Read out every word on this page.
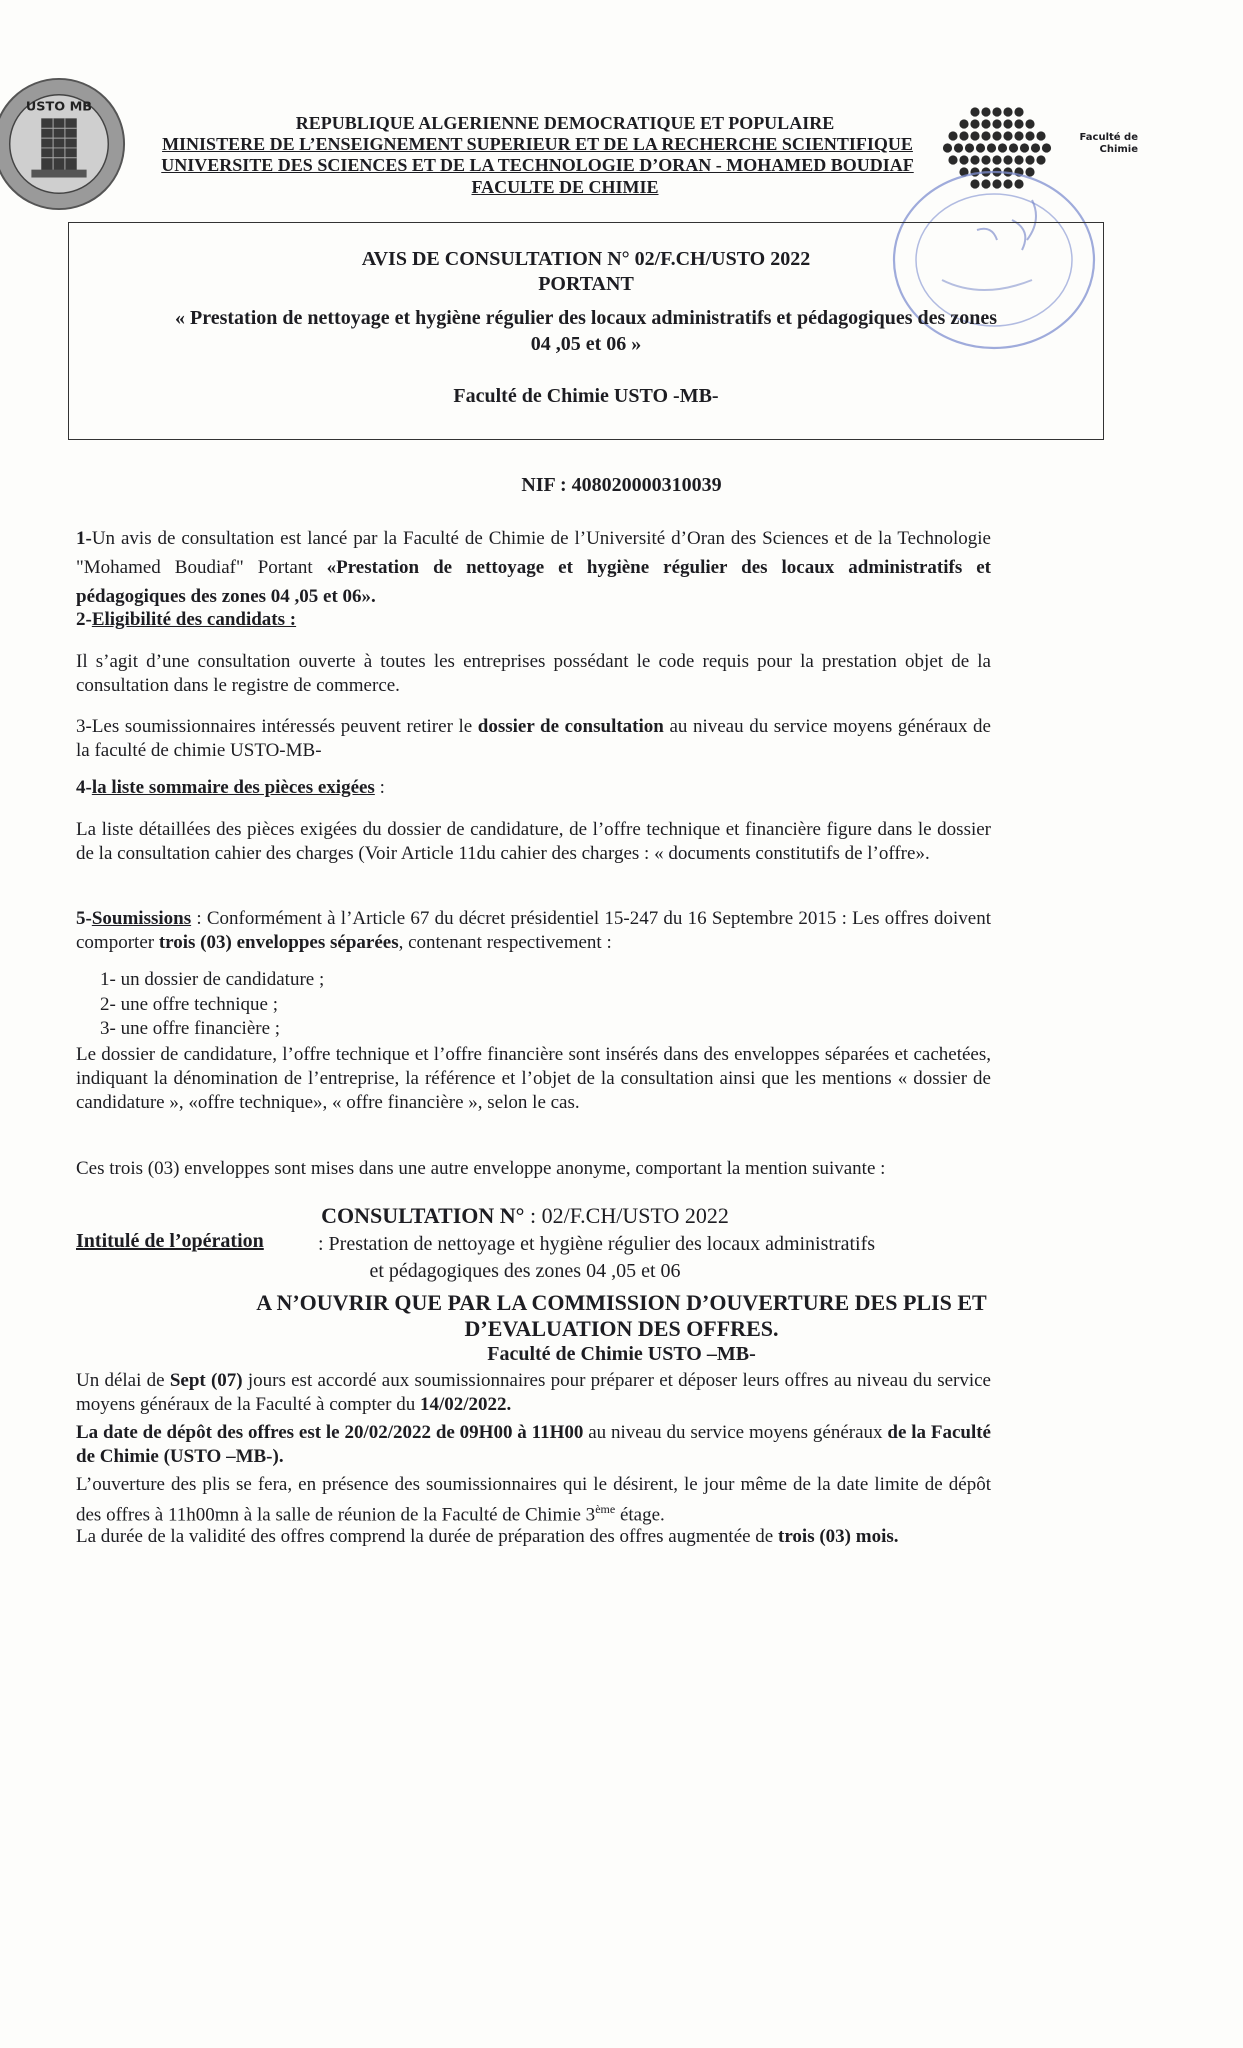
USTO MB
Faculté de Chimie
REPUBLIQUE ALGERIENNE DEMOCRATIQUE ET POPULAIRE
MINISTERE DE L’ENSEIGNEMENT SUPERIEUR ET DE LA RECHERCHE SCIENTIFIQUE
UNIVERSITE DES SCIENCES ET DE LA TECHNOLOGIE D’ORAN - MOHAMED BOUDIAF
FACULTE DE CHIMIE
AVIS DE CONSULTATION N° 02/F.CH/USTO 2022
PORTANT
« Prestation de nettoyage et hygiène régulier des locaux administratifs et pédagogiques des zones
04 ,05 et 06 »
Faculté de Chimie USTO -MB-
NIF : 408020000310039

1-Un avis de consultation est lancé par la Faculté de Chimie de l’Université d’Oran des Sciences et de la Technologie "Mohamed Boudiaf" Portant «Prestation de nettoyage et hygiène régulier des locaux administratifs et pédagogiques des zones 04 ,05 et 06».

2-Eligibilité des candidats :

Il s’agit d’une consultation ouverte à toutes les entreprises possédant le code requis pour la prestation objet de la consultation dans le registre de commerce.

3-Les soumissionnaires intéressés peuvent retirer le dossier de consultation au niveau du service moyens généraux de la faculté de chimie USTO-MB-

4-la liste sommaire des pièces exigées :

La liste détaillées des pièces exigées du dossier de candidature, de l’offre technique et financière figure dans le dossier de la consultation cahier des charges (Voir Article 11du cahier des charges : « documents constitutifs de l’offre».

5-Soumissions : Conformément à l’Article 67 du décret présidentiel 15-247 du 16 Septembre 2015 : Les offres doivent comporter trois (03) enveloppes séparées, contenant respectivement :

1- un dossier de candidature ;
2- une offre technique ;
3- une offre financière ;

Le dossier de candidature, l’offre technique et l’offre financière sont insérés dans des enveloppes séparées et cachetées, indiquant la dénomination de l’entreprise, la référence et l’objet de la consultation ainsi que les mentions « dossier de candidature », «offre technique», « offre financière », selon le cas.

Ces trois (03) enveloppes sont mises dans une autre enveloppe anonyme, comportant la mention suivante :

CONSULTATION N° : 02/F.CH/USTO 2022
Intitulé de l’opération	: Prestation de nettoyage et hygiène régulier des locaux administratifs
et pédagogiques des zones 04 ,05 et 06
A N’OUVRIR QUE PAR LA COMMISSION D’OUVERTURE DES PLIS ET
D’EVALUATION DES OFFRES.
Faculté de Chimie USTO –MB-

Un délai de Sept (07) jours est accordé aux soumissionnaires pour préparer et déposer leurs offres au niveau du service moyens généraux de la Faculté à compter du 14/02/2022.

La date de dépôt des offres est le 20/02/2022 de 09H00 à 11H00 au niveau du service moyens généraux de la Faculté de Chimie (USTO –MB-).

L’ouverture des plis se fera, en présence des soumissionnaires qui le désirent, le jour même de la date limite de dépôt des offres à 11h00mn à la salle de réunion de la Faculté de Chimie 3ème étage.

La durée de la validité des offres comprend la durée de préparation des offres augmentée de trois (03) mois.
